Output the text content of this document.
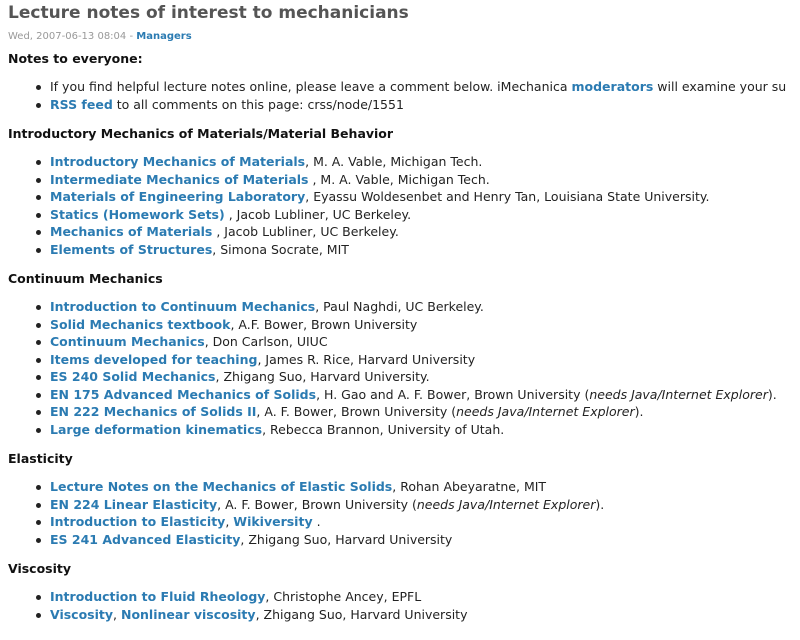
Lecture notes of interest to mechanicians
Wed, 2007-06-13 08:04 - Managers
Notes to everyone:
If you find helpful lecture notes online, please leave a comment below. iMechanica moderators will examine your su
RSS feed to all comments on this page: crss/node/1551
Introductory Mechanics of Materials/Material Behavior
Introductory Mechanics of Materials, M. A. Vable, Michigan Tech.
Intermediate Mechanics of Materials , M. A. Vable, Michigan Tech.
Materials of Engineering Laboratory, Eyassu Woldesenbet and Henry Tan, Louisiana State University.
Statics (Homework Sets) , Jacob Lubliner, UC Berkeley.
Mechanics of Materials , Jacob Lubliner, UC Berkeley.
Elements of Structures, Simona Socrate, MIT
Continuum Mechanics
Introduction to Continuum Mechanics, Paul Naghdi, UC Berkeley.
Solid Mechanics textbook, A.F. Bower, Brown University
Continuum Mechanics, Don Carlson, UIUC
Items developed for teaching, James R. Rice, Harvard University
ES 240 Solid Mechanics, Zhigang Suo, Harvard University.
EN 175 Advanced Mechanics of Solids, H. Gao and A. F. Bower, Brown University (needs Java/Internet Explorer).
EN 222 Mechanics of Solids II, A. F. Bower, Brown University (needs Java/Internet Explorer).
Large deformation kinematics, Rebecca Brannon, University of Utah.
Elasticity
Lecture Notes on the Mechanics of Elastic Solids, Rohan Abeyaratne, MIT
EN 224 Linear Elasticity, A. F. Bower, Brown University (needs Java/Internet Explorer).
Introduction to Elasticity, Wikiversity .
ES 241 Advanced Elasticity, Zhigang Suo, Harvard University
Viscosity
Introduction to Fluid Rheology, Christophe Ancey, EPFL
Viscosity, Nonlinear viscosity, Zhigang Suo, Harvard University
